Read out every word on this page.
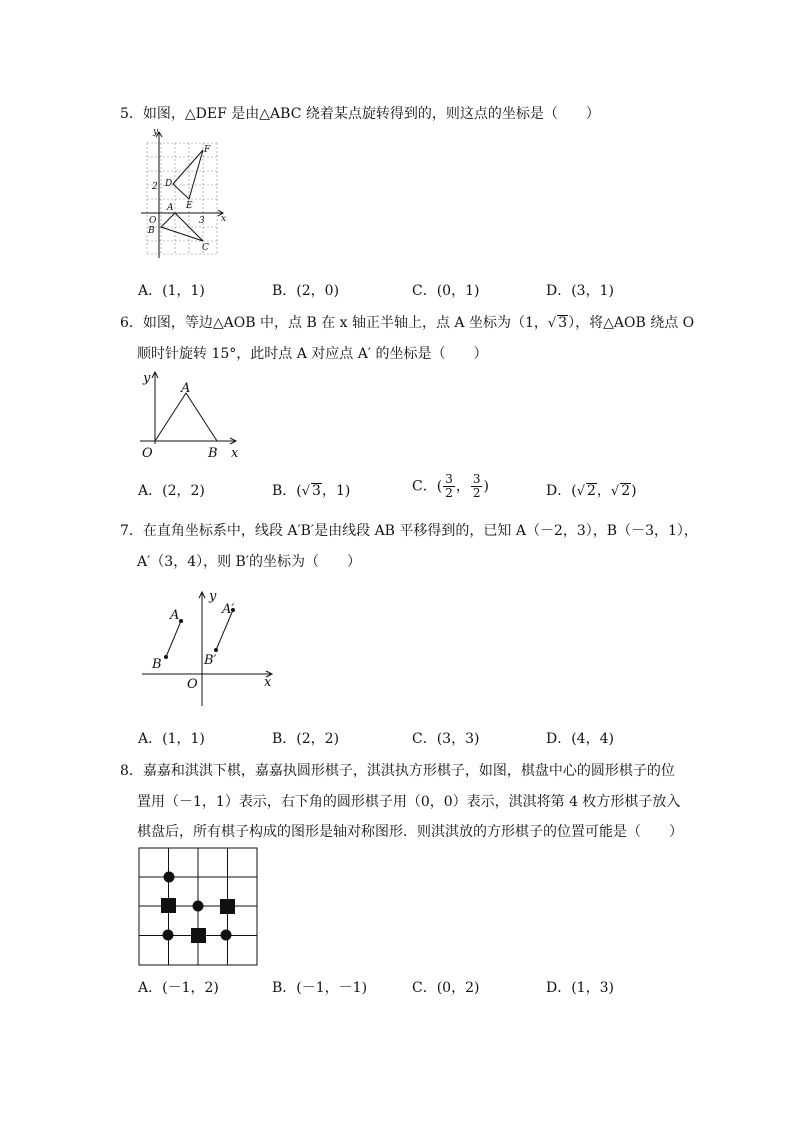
5．如图，△DEF 是由△ABC 绕着某点旋转得到的，则这点的坐标是（　　）
y
x
O
2
3
A
B
C
D
E
F
A．(1，1)	B．(2，0)	C．(0，1)	D．(3，1)
6．如图，等边△AOB 中，点 B 在 x 轴正半轴上，点 A 坐标为（1，√ 3），将△AOB 绕点 O
顺时针旋转 15°，此时点 A 对应点 A′ 的坐标是（　　）
y
x
O
A
B
A．(2，2)	B．(√ 3，1)	C．( $\frac{3}{2}$ ， $\frac{3}{2}$ )	D．(√ 2，√ 2)
7．在直角坐标系中，线段 A′B′是由线段 AB 平移得到的，已知 A（－2，3），B（－3，1），
A′（3，4），则 B′的坐标为（　　）
y
x
O
A
B
A′
B′
A．(1，1)	B．(2，2)	C．(3，3)	D．(4，4)
8．嘉嘉和淇淇下棋，嘉嘉执圆形棋子，淇淇执方形棋子，如图，棋盘中心的圆形棋子的位
置用（－1，1）表示，右下角的圆形棋子用（0，0）表示，淇淇将第 4 枚方形棋子放入
棋盘后，所有棋子构成的图形是轴对称图形．则淇淇放的方形棋子的位置可能是（　　）
A．(－1，2)	B．(－1，－1)	C．(0，2)	D．(1，3)
